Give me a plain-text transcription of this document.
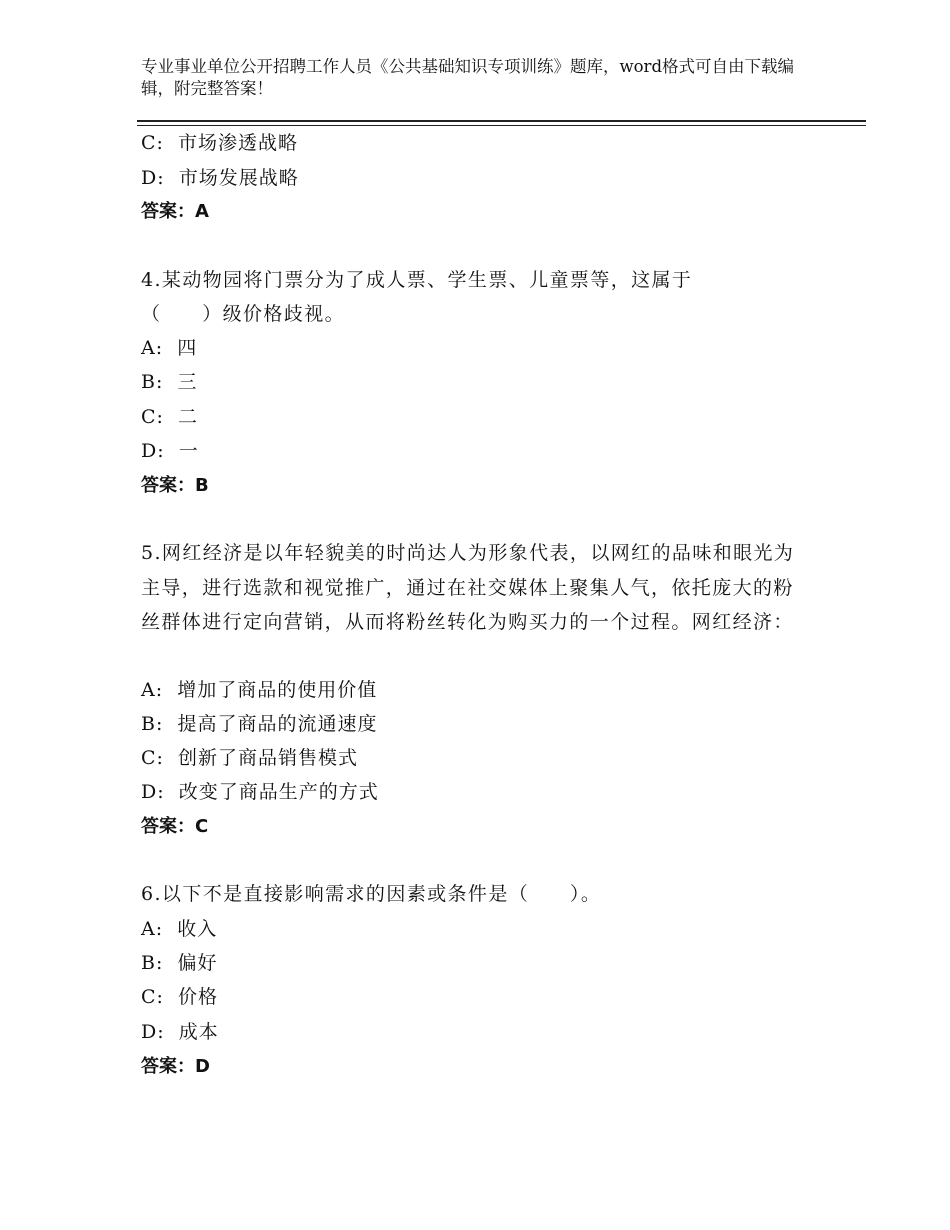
专业事业单位公开招聘工作人员《公共基础知识专项训练》题库，word格式可自由下载编辑，附完整答案！
C: 市场渗透战略
D: 市场发展战略
答案：A
4.某动物园将门票分为了成人票、学生票、儿童票等，这属于
（　　）级价格歧视。
A: 四
B: 三
C: 二
D: 一
答案：B
5.网红经济是以年轻貌美的时尚达人为形象代表，以网红的品味和眼光为主导，进行选款和视觉推广，通过在社交媒体上聚集人气，依托庞大的粉丝群体进行定向营销，从而将粉丝转化为购买力的一个过程。网红经济：
A: 增加了商品的使用价值
B: 提高了商品的流通速度
C: 创新了商品销售模式
D: 改变了商品生产的方式
答案：C
6.以下不是直接影响需求的因素或条件是（　　）。
A: 收入
B: 偏好
C: 价格
D: 成本
答案：D
